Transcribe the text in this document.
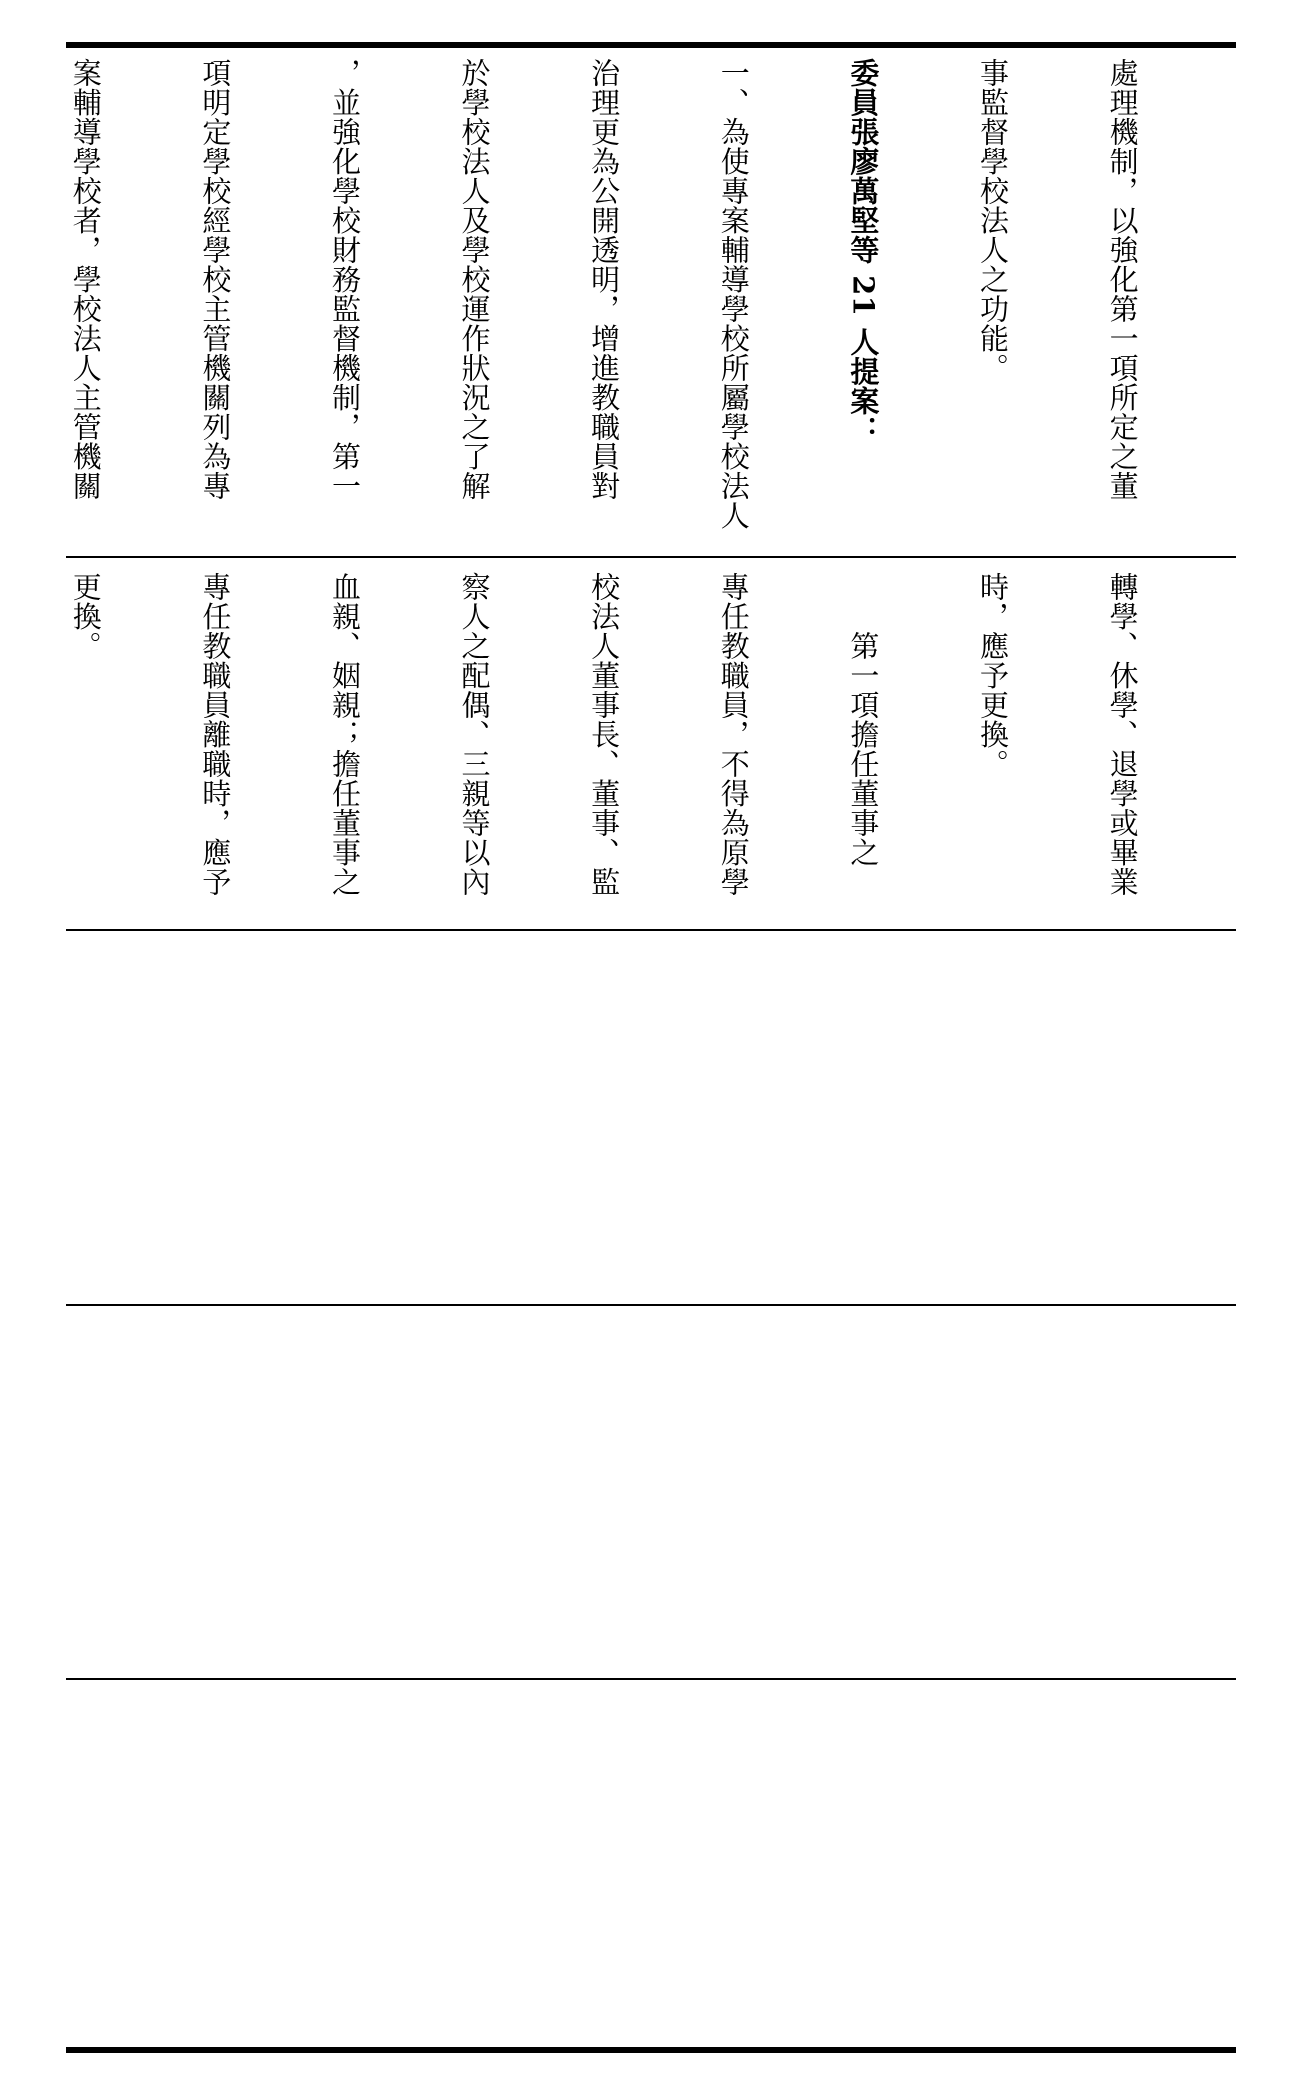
處理機制，以強化第一項所定之董

事監督學校法人之功能。

委員張廖萬堅等 21 人提案：

一、為使專案輔導學校所屬學校法人

治理更為公開透明，增進教職員對

於學校法人及學校運作狀況之了解

，並強化學校財務監督機制，第一

項明定學校經學校主管機關列為專

案輔導學校者，學校法人主管機關

轉學、休學、退學或畢業

時，應予更換。

　　第一項擔任董事之

專任教職員，不得為原學

校法人董事長、董事、監

察人之配偶、三親等以內

血親、姻親；擔任董事之

專任教職員離職時，應予

更換。
